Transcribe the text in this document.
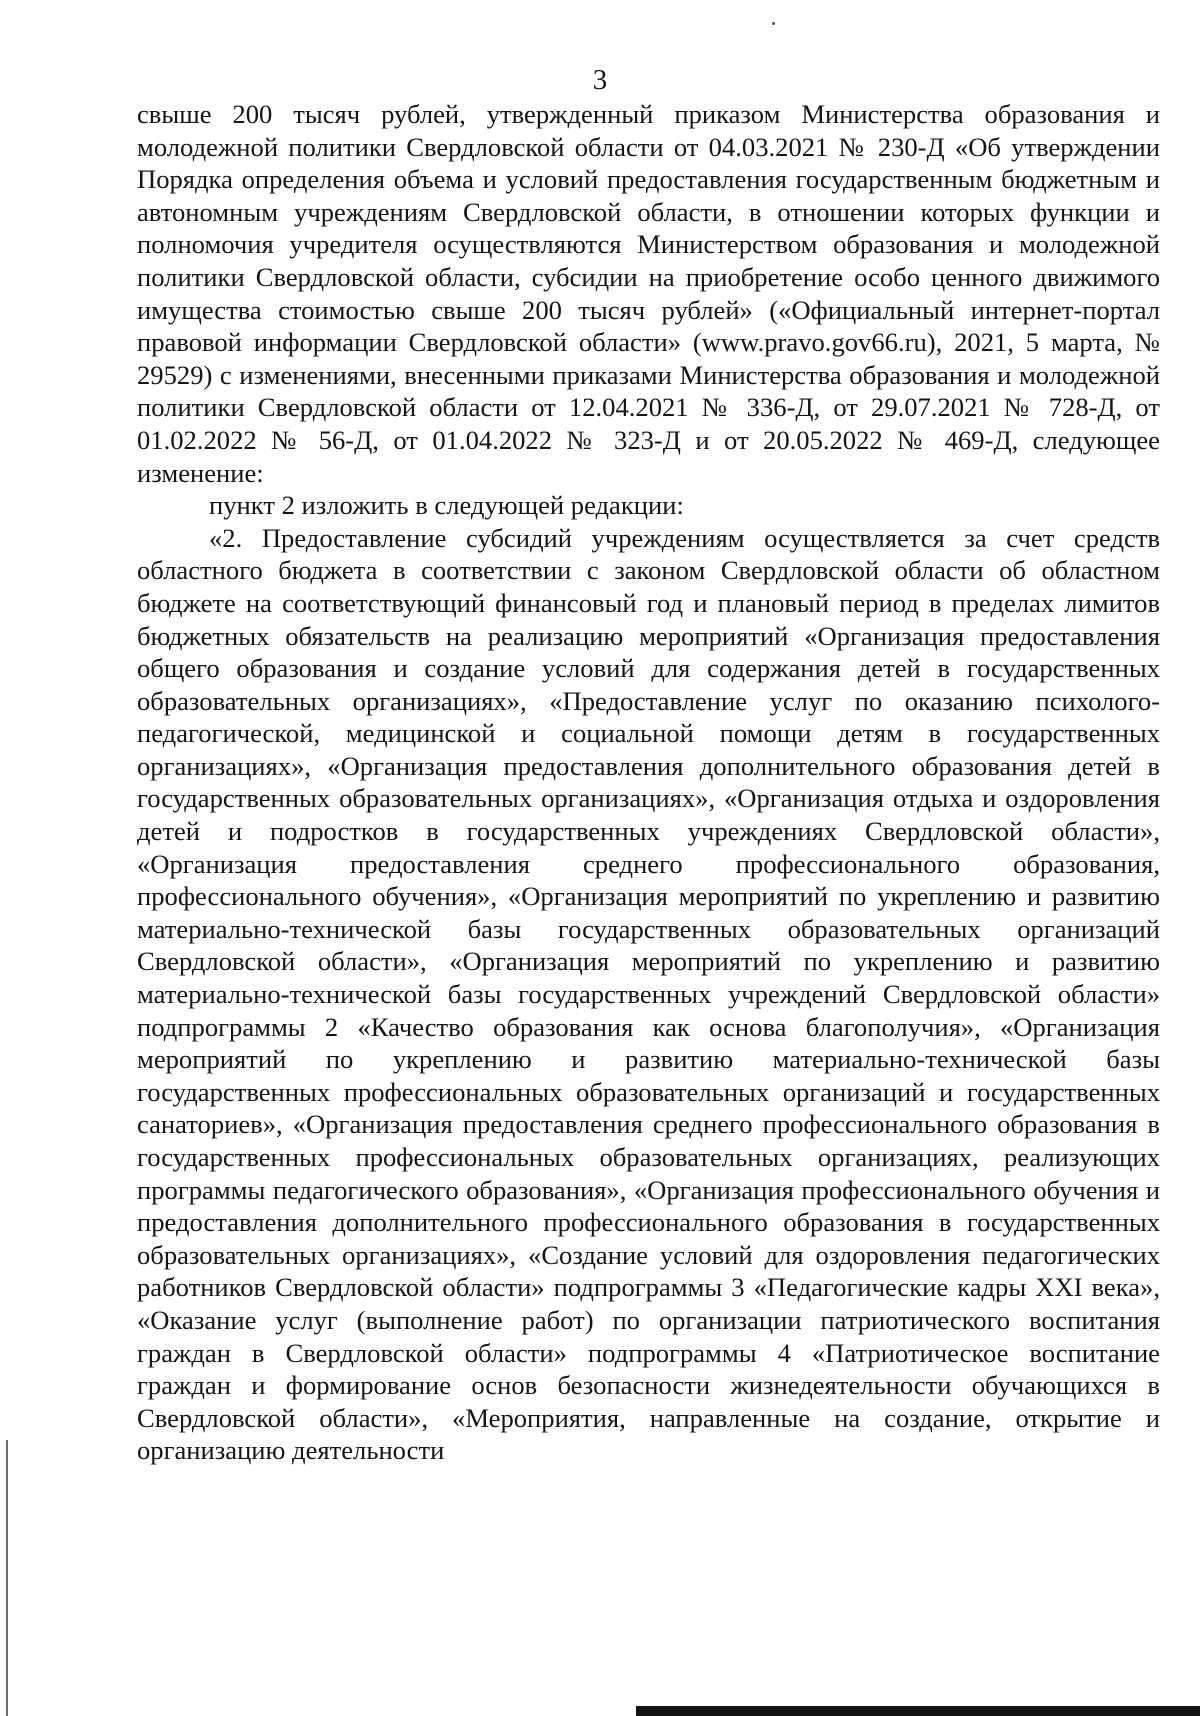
3

свыше 200 тысяч рублей, утвержденный приказом Министерства образования и молодежной политики Свердловской области от 04.03.2021 № 230-Д «Об утверждении Порядка определения объема и условий предоставления государственным бюджетным и автономным учреждениям Свердловской области, в отношении которых функции и полномочия учредителя осуществляются Министерством образования и молодежной политики Свердловской области, субсидии на приобретение особо ценного движимого имущества стоимостью свыше 200 тысяч рублей» («Официальный интернет-портал правовой информации Свердловской области» (www.pravo.gov66.ru), 2021, 5 марта, № 29529) с изменениями, внесенными приказами Министерства образования и молодежной политики Свердловской области от 12.04.2021 № 336-Д, от 29.07.2021 № 728-Д, от 01.02.2022 № 56-Д, от 01.04.2022 № 323-Д и от 20.05.2022 № 469-Д, следующее изменение:

пункт 2 изложить в следующей редакции:

«2. Предоставление субсидий учреждениям осуществляется за счет средств областного бюджета в соответствии с законом Свердловской области об областном бюджете на соответствующий финансовый год и плановый период в пределах лимитов бюджетных обязательств на реализацию мероприятий «Организация предоставления общего образования и создание условий для содержания детей в государственных образовательных организациях», «Предоставление услуг по оказанию психолого-педагогической, медицинской и социальной помощи детям в государственных организациях», «Организация предоставления дополнительного образования детей в государственных образовательных организациях», «Организация отдыха и оздоровления детей и подростков в государственных учреждениях Свердловской области», «Организация предоставления среднего профессионального образования, профессионального обучения», «Организация мероприятий по укреплению и развитию материально-технической базы государственных образовательных организаций Свердловской области», «Организация мероприятий по укреплению и развитию материально-технической базы государственных учреждений Свердловской области» подпрограммы 2 «Качество образования как основа благополучия», «Организация мероприятий по укреплению и развитию материально-технической базы государственных профессиональных образовательных организаций и государственных санаториев», «Организация предоставления среднего профессионального образования в государственных профессиональных образовательных организациях, реализующих программы педагогического образования», «Организация профессионального обучения и предоставления дополнительного профессионального образования в государственных образовательных организациях», «Создание условий для оздоровления педагогических работников Свердловской области» подпрограммы 3 «Педагогические кадры XXI века», «Оказание услуг (выполнение работ) по организации патриотического воспитания граждан в Свердловской области» подпрограммы 4 «Патриотическое воспитание граждан и формирование основ безопасности жизнедеятельности обучающихся в Свердловской области», «Мероприятия, направленные на создание, открытие и организацию деятельности
